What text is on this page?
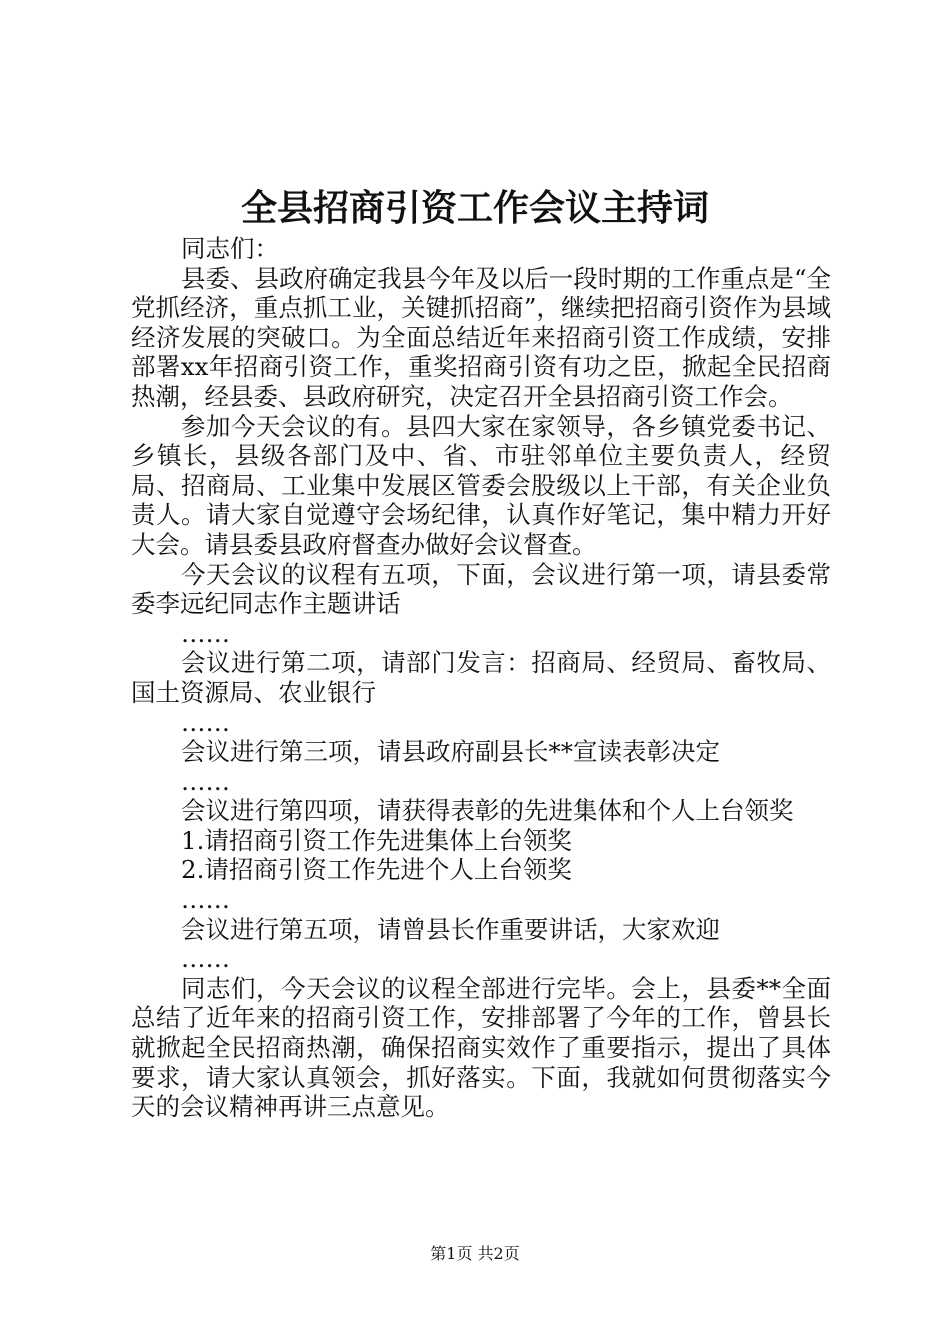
全县招商引资工作会议主持词

同志们：

县委、县政府确定我县今年及以后一段时期的工作重点是“全党抓经济，重点抓工业，关键抓招商”，继续把招商引资作为县域经济发展的突破口。为全面总结近年来招商引资工作成绩，安排部署xx年招商引资工作，重奖招商引资有功之臣，掀起全民招商热潮，经县委、县政府研究，决定召开全县招商引资工作会。

参加今天会议的有。县四大家在家领导，各乡镇党委书记、乡镇长，县级各部门及中、省、市驻邻单位主要负责人，经贸局、招商局、工业集中发展区管委会股级以上干部，有关企业负责人。请大家自觉遵守会场纪律，认真作好笔记，集中精力开好大会。请县委县政府督查办做好会议督查。

今天会议的议程有五项，下面，会议进行第一项，请县委常委李远纪同志作主题讲话

……

会议进行第二项，请部门发言：招商局、经贸局、畜牧局、国土资源局、农业银行

……

会议进行第三项，请县政府副县长**宣读表彰决定

……

会议进行第四项，请获得表彰的先进集体和个人上台领奖

1.请招商引资工作先进集体上台领奖

2.请招商引资工作先进个人上台领奖

……

会议进行第五项，请曾县长作重要讲话，大家欢迎

……

同志们，今天会议的议程全部进行完毕。会上，县委**全面总结了近年来的招商引资工作，安排部署了今年的工作，曾县长就掀起全民招商热潮，确保招商实效作了重要指示，提出了具体要求，请大家认真领会，抓好落实。下面，我就如何贯彻落实今天的会议精神再讲三点意见。

第1页 共2页
